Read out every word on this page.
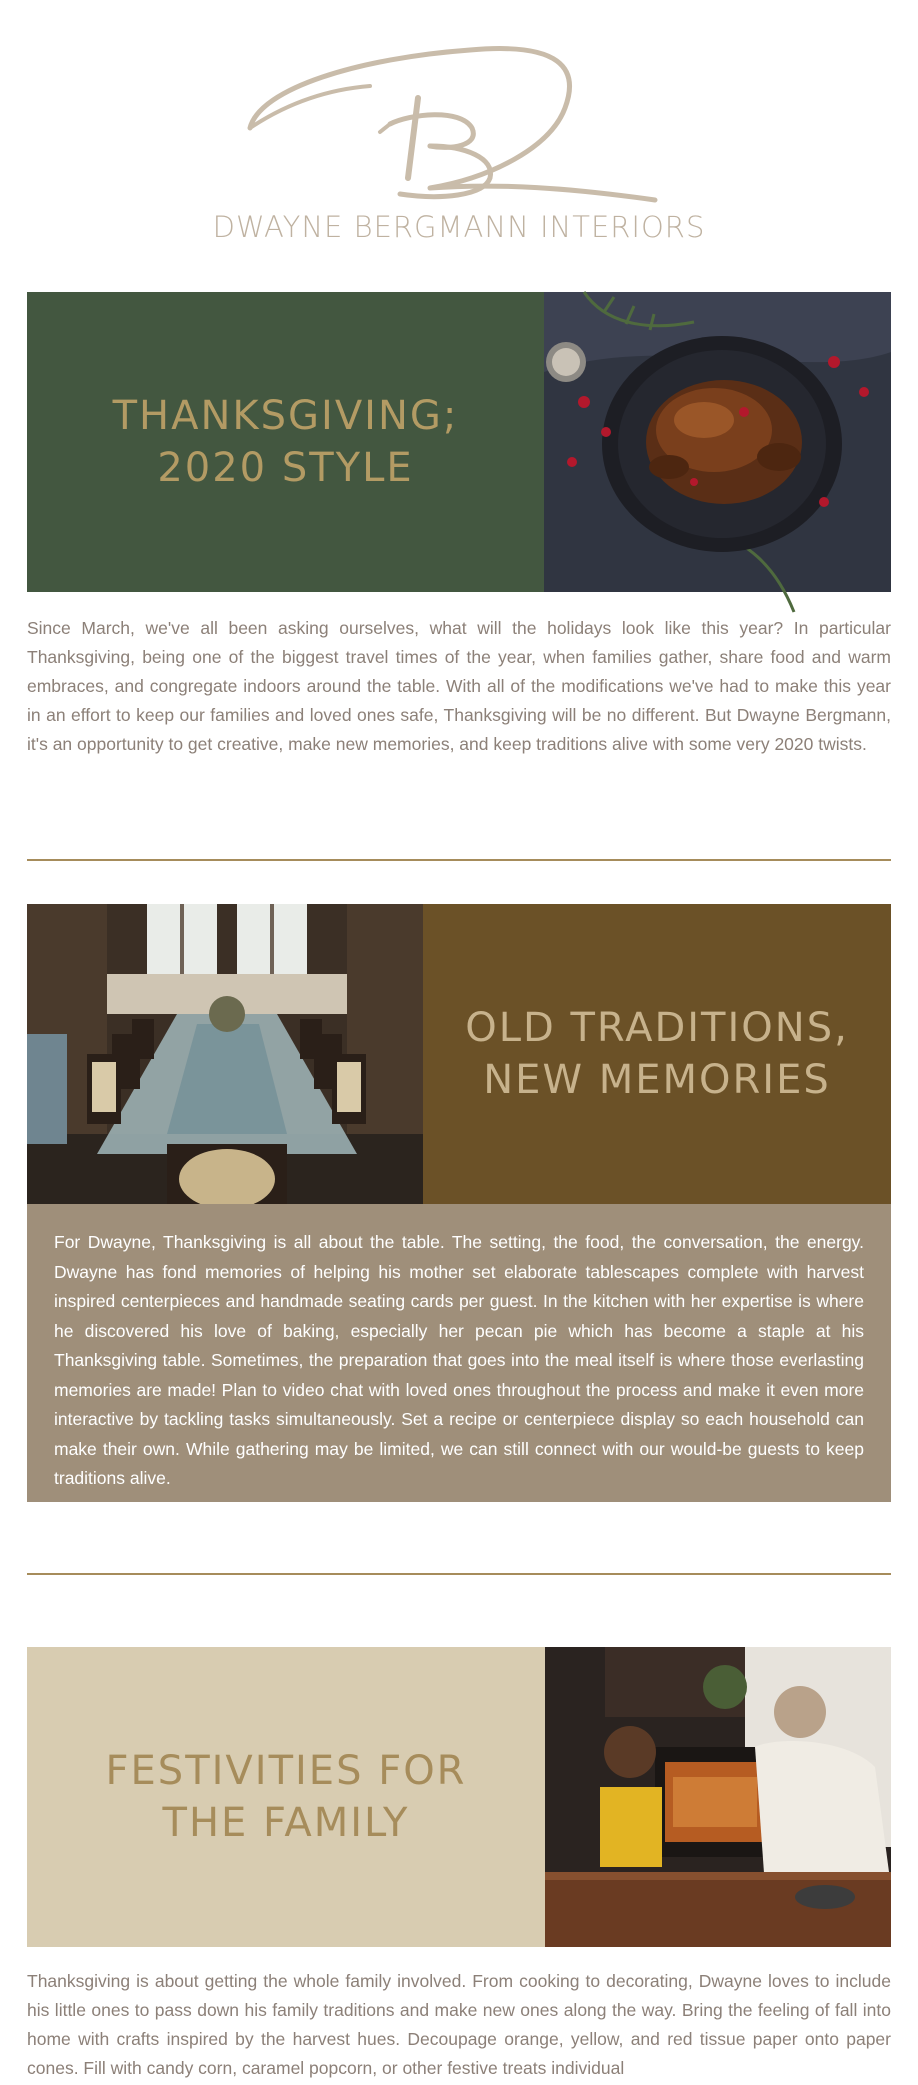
B
DWAYNE BERGMANN INTERIORS
THANKSGIVING;
2020 STYLE

Since March, we've all been asking ourselves, what will the holidays look like this year? In particular Thanksgiving, being one of the biggest travel times of the year, when families gather, share food and warm embraces, and congregate indoors around the table. With all of the modifications we've had to make this year in an effort to keep our families and loved ones safe, Thanksgiving will be no different. But Dwayne Bergmann, it's an opportunity to get creative, make new memories, and keep traditions alive with some very 2020 twists.

OLD TRADITIONS,
NEW MEMORIES

For Dwayne, Thanksgiving is all about the table. The setting, the food, the conversation, the energy. Dwayne has fond memories of helping his mother set elaborate tablescapes complete with harvest inspired centerpieces and handmade seating cards per guest. In the kitchen with her expertise is where he discovered his love of baking, especially her pecan pie which has become a staple at his Thanksgiving table. Sometimes, the preparation that goes into the meal itself is where those everlasting memories are made! Plan to video chat with loved ones throughout the process and make it even more interactive by tackling tasks simultaneously. Set a recipe or centerpiece display so each household can make their own. While gathering may be limited, we can still connect with our would-be guests to keep traditions alive.

FESTIVITIES FOR
THE FAMILY

Thanksgiving is about getting the whole family involved. From cooking to decorating, Dwayne loves to include his little ones to pass down his family traditions and make new ones along the way. Bring the feeling of fall into home with crafts inspired by the harvest hues. Decoupage orange, yellow, and red tissue paper onto paper cones. Fill with candy corn, caramel popcorn, or other festive treats individual
